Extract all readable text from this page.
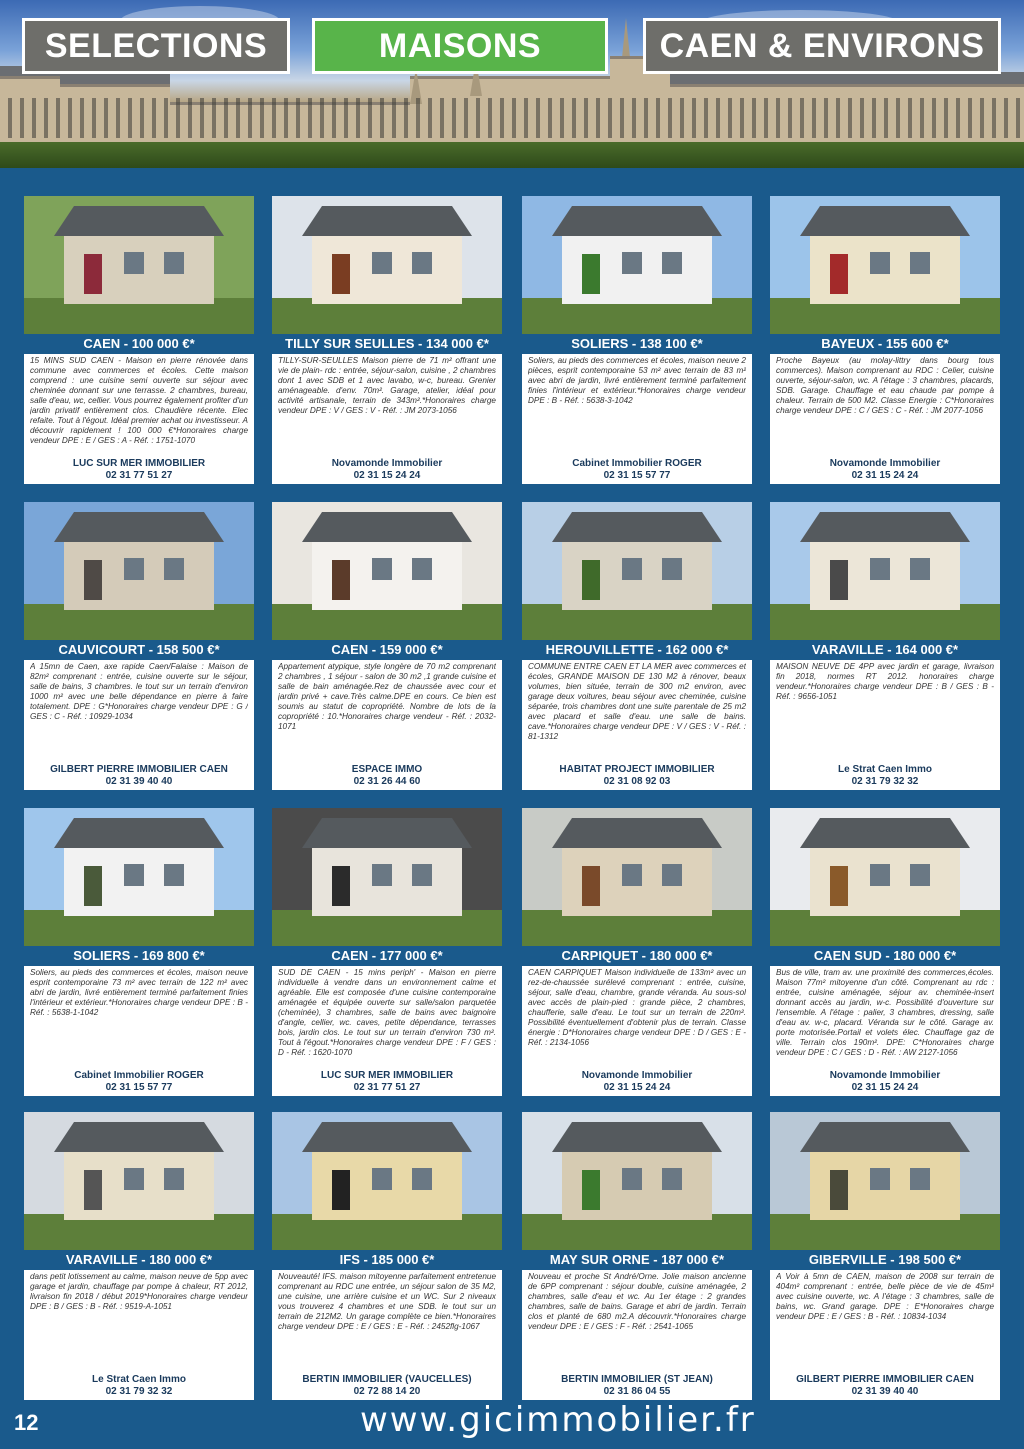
SELECTIONS	MAISONS	CAEN & ENVIRONS
CAEN - 100 000 €*
15 MINS SUD CAEN - Maison en pierre rénovée dans commune avec commerces et écoles. Cette maison comprend : une cuisine semi ouverte sur séjour avec cheminée donnant sur une terrasse. 2 chambres, bureau, salle d'eau, wc, cellier. Vous pourrez également profiter d'un jardin privatif entièrement clos. Chaudière récente. Elec refaite. Tout à l'égout. Idéal premier achat ou investisseur. A découvrir rapidement ! 100 000 €*Honoraires charge vendeur DPE : E / GES : A - Réf. : 1751-1070
LUC SUR MER IMMOBILIER
02 31 77 51 27
TILLY SUR SEULLES - 134 000 €*
TILLY-SUR-SEULLES Maison pierre de 71 m² offrant une vie de plain- rdc : entrée, séjour-salon, cuisine , 2 chambres dont 1 avec SDB et 1 avec lavabo, w-c, bureau. Grenier aménageable. d'env. 70m². Garage, atelier, idéal pour activité artisanale, terrain de 343m².*Honoraires charge vendeur DPE : V / GES : V - Réf. : JM 2073-1056
Novamonde Immobilier
02 31 15 24 24
SOLIERS - 138 100 €*
Soliers, au pieds des commerces et écoles, maison neuve 2 pièces, esprit contemporaine 53 m² avec terrain de 83 m² avec abri de jardin, livré entièrement terminé parfaitement finies l'intérieur et extérieur.*Honoraires charge vendeur DPE : B - Réf. : 5638-3-1042
Cabinet Immobilier ROGER
02 31 15 57 77
BAYEUX - 155 600 €*
Proche Bayeux (au molay-littry dans bourg tous commerces). Maison comprenant au RDC : Celier, cuisine ouverte, séjour-salon, wc. A l'étage : 3 chambres, placards, SDB. Garage. Chauffage et eau chaude par pompe à chaleur. Terrain de 500 M2. Classe Energie : C*Honoraires charge vendeur DPE : C / GES : C - Réf. : JM 2077-1056
Novamonde Immobilier
02 31 15 24 24
CAUVICOURT - 158 500 €*
A 15mn de Caen, axe rapide Caen/Falaise : Maison de 82m² comprenant : entrée, cuisine ouverte sur le séjour, salle de bains, 3 chambres. le tout sur un terrain d'environ 1000 m² avec une belle dépendance en pierre à faire totalement. DPE : G*Honoraires charge vendeur DPE : G / GES : C - Réf. : 10929-1034
GILBERT PIERRE IMMOBILIER CAEN
02 31 39 40 40
CAEN - 159 000 €*
Appartement atypique, style longère de 70 m2 comprenant 2 chambres , 1 séjour - salon de 30 m2 ,1 grande cuisine et salle de bain aménagée.Rez de chaussée avec cour et jardin privé + cave.Très calme.DPE en cours. Ce bien est soumis au statut de copropriété. Nombre de lots de la copropriété : 10.*Honoraires charge vendeur - Réf. : 2032-1071
ESPACE IMMO
02 31 26 44 60
HEROUVILLETTE - 162 000 €*
COMMUNE ENTRE CAEN ET LA MER avec commerces et écoles, GRANDE MAISON DE 130 M2 à rénover, beaux volumes, bien située, terrain de 300 m2 environ, avec garage deux voitures, beau séjour avec cheminée, cuisine séparée, trois chambres dont une suite parentale de 25 m2 avec placard et salle d'eau. une salle de bains. cave.*Honoraires charge vendeur DPE : V / GES : V - Réf. : 81-1312
HABITAT PROJECT IMMOBILIER
02 31 08 92 03
VARAVILLE - 164 000 €*
MAISON NEUVE DE 4PP avec jardin et garage, livraison fin 2018, normes RT 2012. honoraires charge vendeur.*Honoraires charge vendeur DPE : B / GES : B - Réf. : 9656-1051
Le Strat Caen Immo
02 31 79 32 32
SOLIERS - 169 800 €*
Soliers, au pieds des commerces et écoles, maison neuve esprit contemporaine 73 m² avec terrain de 122 m² avec abri de jardin, livré entièrement terminé parfaitement finies l'intérieur et extérieur.*Honoraires charge vendeur DPE : B - Réf. : 5638-1-1042
Cabinet Immobilier ROGER
02 31 15 57 77
CAEN - 177 000 €*
SUD DE CAEN - 15 mins periph' - Maison en pierre individuelle à vendre dans un environnement calme et agréable. Elle est composée d'une cuisine contemporaine aménagée et équipée ouverte sur salle/salon parquetée (cheminée), 3 chambres, salle de bains avec baignoire d'angle, cellier, wc. caves, petite dépendance, terrasses bois, jardin clos. Le tout sur un terrain d'environ 730 m². Tout à l'égout.*Honoraires charge vendeur DPE : F / GES : D - Réf. : 1620-1070
LUC SUR MER IMMOBILIER
02 31 77 51 27
CARPIQUET - 180 000 €*
CAEN CARPIQUET Maison individuelle de 133m² avec un rez-de-chaussée surélevé comprenant : entrée, cuisine, séjour, salle d'eau, chambre, grande véranda. Au sous-sol avec accès de plain-pied : grande pièce, 2 chambres, chaufferie, salle d'eau. Le tout sur un terrain de 220m². Possibilité éventuellement d'obtenir plus de terrain. Classe énergie : D*Honoraires charge vendeur DPE : D / GES : E - Réf. : 2134-1056
Novamonde Immobilier
02 31 15 24 24
CAEN SUD - 180 000 €*
Bus de ville, tram av. une proximité des commerces,écoles. Maison 77m² mitoyenne d'un côté. Comprenant au rdc : entrée, cuisine aménagée, séjour av. cheminée-insert donnant accès au jardin, w-c. Possibilité d'ouverture sur l'ensemble. A l'étage : palier, 3 chambres, dressing, salle d'eau av. w-c, placard. Véranda sur le côté. Garage av. porte motorisée.Portail et volets élec. Chauffage gaz de ville. Terrain clos 190m². DPE: C*Honoraires charge vendeur DPE : C / GES : D - Réf. : AW 2127-1056
Novamonde Immobilier
02 31 15 24 24
VARAVILLE - 180 000 €*
dans petit lotissement au calme, maison neuve de 5pp avec garage et jardin, chauffage par pompe à chaleur, RT 2012, livraison fin 2018 / début 2019*Honoraires charge vendeur DPE : B / GES : B - Réf. : 9519-A-1051
Le Strat Caen Immo
02 31 79 32 32
IFS - 185 000 €*
Nouveauté! IFS. maison mitoyenne parfaitement entretenue comprenant au RDC une entrée, un séjour salon de 35 M2, une cuisine, une arrière cuisine et un WC. Sur 2 niveaux vous trouverez 4 chambres et une SDB. le tout sur un terrain de 212M2. Un garage complète ce bien.*Honoraires charge vendeur DPE : E / GES : E - Réf. : 2452flg-1067
BERTIN IMMOBILIER (VAUCELLES)
02 72 88 14 20
MAY SUR ORNE - 187 000 €*
Nouveau et proche St André/Orne. Jolie maison ancienne de 6PP comprenant : séjour double, cuisine aménagée, 2 chambres, salle d'eau et wc. Au 1er étage : 2 grandes chambres, salle de bains. Garage et abri de jardin. Terrain clos et planté de 680 m2.A découvrir.*Honoraires charge vendeur DPE : E / GES : F - Réf. : 2541-1065
BERTIN IMMOBILIER (ST JEAN)
02 31 86 04 55
GIBERVILLE - 198 500 €*
A Voir à 5mn de CAEN, maison de 2008 sur terrain de 404m² comprenant : entrée, belle pièce de vie de 45m² avec cuisine ouverte, wc. A l'étage : 3 chambres, salle de bains, wc. Grand garage. DPE : E*Honoraires charge vendeur DPE : E / GES : B - Réf. : 10834-1034
GILBERT PIERRE IMMOBILIER CAEN
02 31 39 40 40
12	www.gicimmobilier.fr
